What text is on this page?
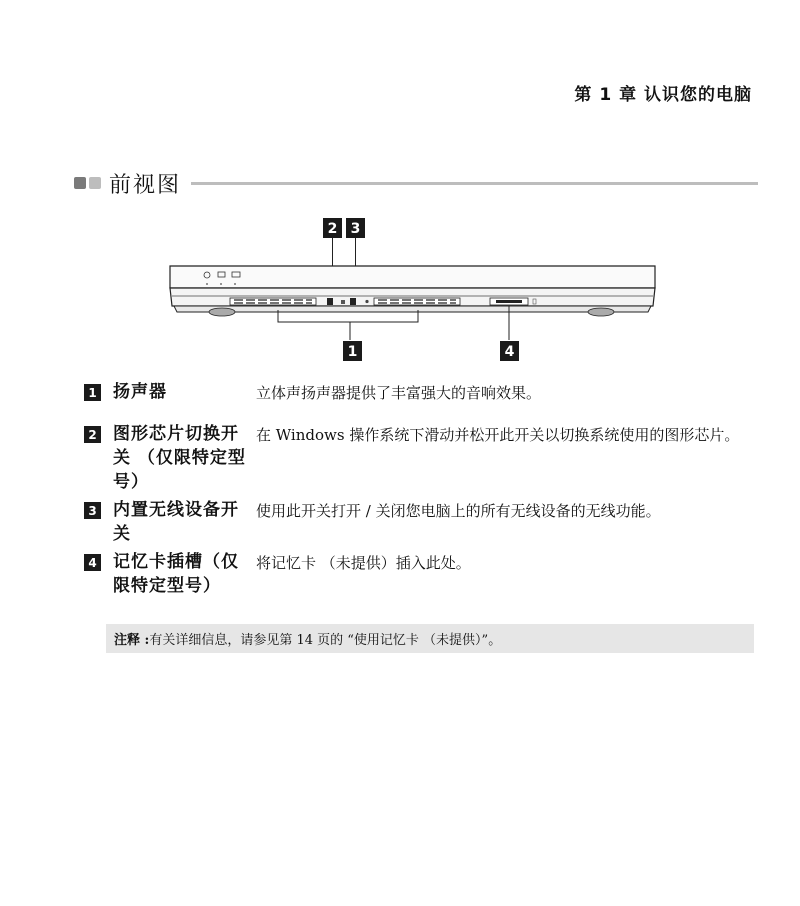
第 1 章 认识您的电脑
前视图
2 3
1	4
1 扬声器	立体声扬声器提供了丰富强大的音响效果。
2 图形芯片切换开关 （仅限特定型号）
在 Windows 操作系统下滑动并松开此开关以切换系统使用的图形芯片。
3 内置无线设备开关
使用此开关打开 / 关闭您电脑上的所有无线设备的无线功能。
4 记忆卡插槽（仅限特定型号）
将记忆卡 （未提供）插入此处。
注释 : 有关详细信息，请参见第 14 页的 “使用记忆卡 （未提供）”。
